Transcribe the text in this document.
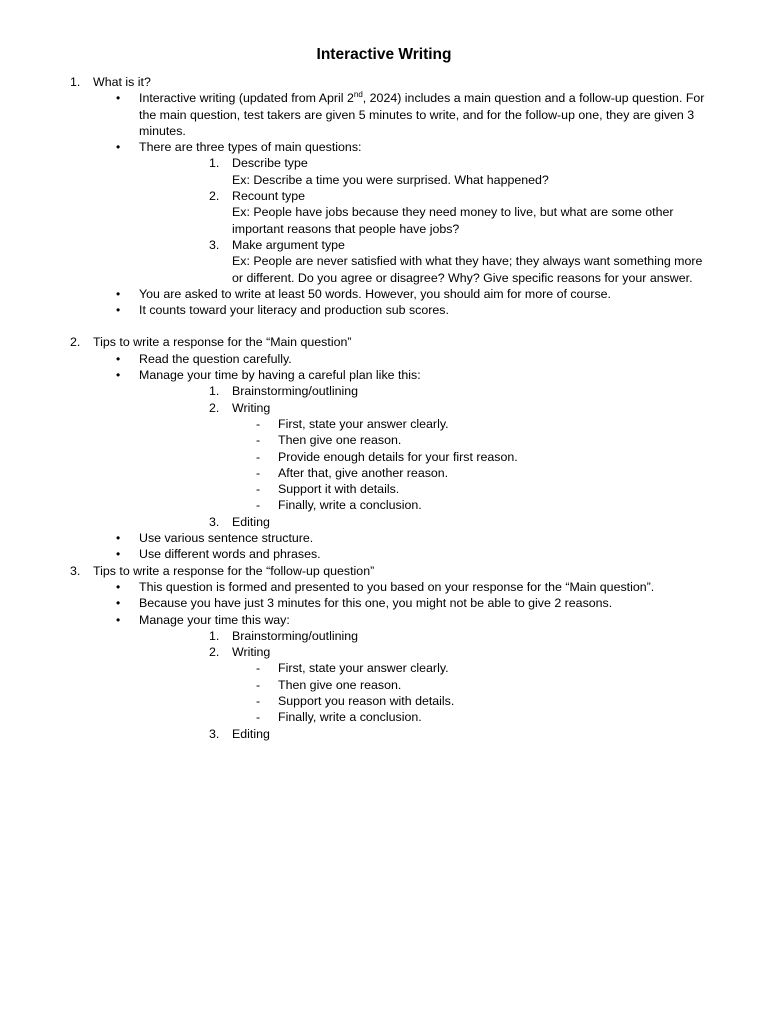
Interactive Writing
1. What is it?
• Interactive writing (updated from April 2nd, 2024) includes a main question and a follow-up question. For the main question, test takers are given 5 minutes to write, and for the follow-up one, they are given 3 minutes.
• There are three types of main questions:
1. Describe type
Ex: Describe a time you were surprised. What happened?
2. Recount type
Ex: People have jobs because they need money to live, but what are some other important reasons that people have jobs?
3. Make argument type
Ex: People are never satisfied with what they have; they always want something more or different. Do you agree or disagree? Why? Give specific reasons for your answer.
• You are asked to write at least 50 words. However, you should aim for more of course.
• It counts toward your literacy and production sub scores.
2. Tips to write a response for the “Main question”
• Read the question carefully.
• Manage your time by having a careful plan like this:
1. Brainstorming/outlining
2. Writing
- First, state your answer clearly.
- Then give one reason.
- Provide enough details for your first reason.
- After that, give another reason.
- Support it with details.
- Finally, write a conclusion.
3. Editing
• Use various sentence structure.
• Use different words and phrases.
3. Tips to write a response for the “follow-up question”
• This question is formed and presented to you based on your response for the “Main question”.
• Because you have just 3 minutes for this one, you might not be able to give 2 reasons.
• Manage your time this way:
1. Brainstorming/outlining
2. Writing
- First, state your answer clearly.
- Then give one reason.
- Support you reason with details.
- Finally, write a conclusion.
3. Editing
